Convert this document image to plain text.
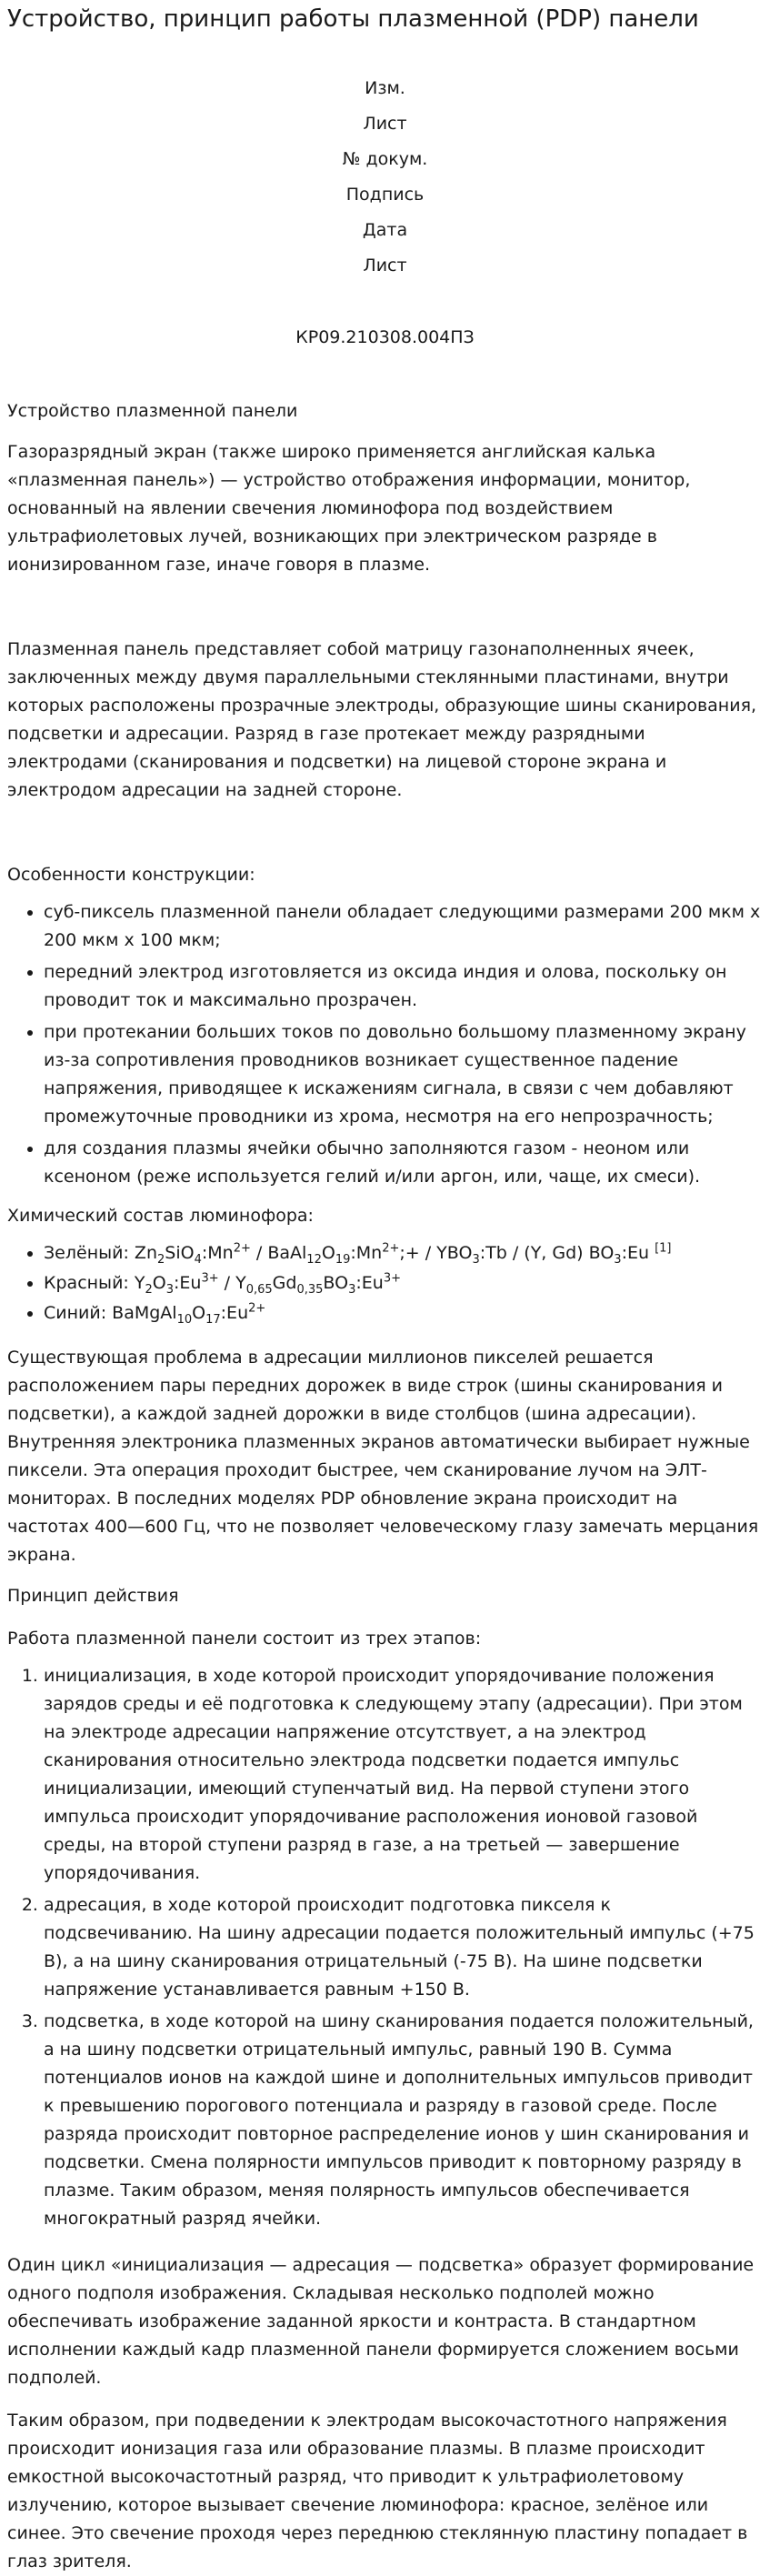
Устройство, принцип работы плазменной (PDP) панели
Изм.
Лист
№ докум.
Подпись
Дата
Лист
КР09.210308.004ПЗ

Устройство плазменной панели

Газоразрядный экран (также широко применяется английская калька «плазменная панель») — устройство отображения информации, монитор, основанный на явлении свечения люминофора под воздействием ультрафиолетовых лучей, возникающих при электрическом разряде в ионизированном газе, иначе говоря в плазме.

Плазменная панель представляет собой матрицу газонаполненных ячеек, заключенных между двумя параллельными стеклянными пластинами, внутри которых расположены прозрачные электроды, образующие шины сканирования, подсветки и адресации. Разряд в газе протекает между разрядными электродами (сканирования и подсветки) на лицевой стороне экрана и электродом адресации на задней стороне.

Особенности конструкции:

• суб-пиксель плазменной панели обладает следующими размерами 200 мкм x 200 мкм x 100 мкм;
• передний электрод изготовляется из оксида индия и олова, поскольку он проводит ток и максимально прозрачен.
• при протекании больших токов по довольно большому плазменному экрану из-за сопротивления проводников возникает существенное падение напряжения, приводящее к искажениям сигнала, в связи с чем добавляют промежуточные проводники из хрома, несмотря на его непрозрачность;
• для создания плазмы ячейки обычно заполняются газом - неоном или ксеноном (реже используется гелий и/или аргон, или, чаще, их смеси).

Химический состав люминофора:

• Зелёный: $Zn_2SiO_4:Mn^{2+}$ / $BaAl_{12}O_{19}:Mn^{2+};+$ / $YBO_3:Tb / (Y$, Gd) $BO_3:Eu$ [1]
• Красный: $Y_2O_3:Eu^{3+}$ / $Y_{0,65}Gd_{0,35}BO_3:Eu^{3+}$
• Синий: $BaMgAl_{10}O_{17}:Eu^{2+}$

Существующая проблема в адресации миллионов пикселей решается расположением пары передних дорожек в виде строк (шины сканирования и подсветки), а каждой задней дорожки в виде столбцов (шина адресации). Внутренняя электроника плазменных экранов автоматически выбирает нужные пиксели. Эта операция проходит быстрее, чем сканирование лучом на ЭЛТ-мониторах. В последних моделях PDP обновление экрана происходит на частотах 400—600 Гц, что не позволяет человеческому глазу замечать мерцания экрана.

Принцип действия

Работа плазменной панели состоит из трех этапов:

1. инициализация, в ходе которой происходит упорядочивание положения зарядов среды и её подготовка к следующему этапу (адресации). При этом на электроде адресации напряжение отсутствует, а на электрод сканирования относительно электрода подсветки подается импульс инициализации, имеющий ступенчатый вид. На первой ступени этого импульса происходит упорядочивание расположения ионовой газовой среды, на второй ступени разряд в газе, а на третьей — завершение упорядочивания.
2. адресация, в ходе которой происходит подготовка пикселя к подсвечиванию. На шину адресации подается положительный импульс (+75 В), а на шину сканирования отрицательный (-75 В). На шине подсветки напряжение устанавливается равным +150 В.
3. подсветка, в ходе которой на шину сканирования подается положительный, а на шину подсветки отрицательный импульс, равный 190 В. Сумма потенциалов ионов на каждой шине и дополнительных импульсов приводит к превышению порогового потенциала и разряду в газовой среде. После разряда происходит повторное распределение ионов у шин сканирования и подсветки. Смена полярности импульсов приводит к повторному разряду в плазме. Таким образом, меняя полярность импульсов обеспечивается многократный разряд ячейки.

Один цикл «инициализация — адресация — подсветка» образует формирование одного подполя изображения. Складывая несколько подполей можно обеспечивать изображение заданной яркости и контраста. В стандартном исполнении каждый кадр плазменной панели формируется сложением восьми подполей.

Таким образом, при подведении к электродам высокочастотного напряжения происходит ионизация газа или образование плазмы. В плазме происходит емкостной высокочастотный разряд, что приводит к ультрафиолетовому излучению, которое вызывает свечение люминофора: красное, зелёное или синее. Это свечение проходя через переднюю стеклянную пластину попадает в глаз зрителя.
